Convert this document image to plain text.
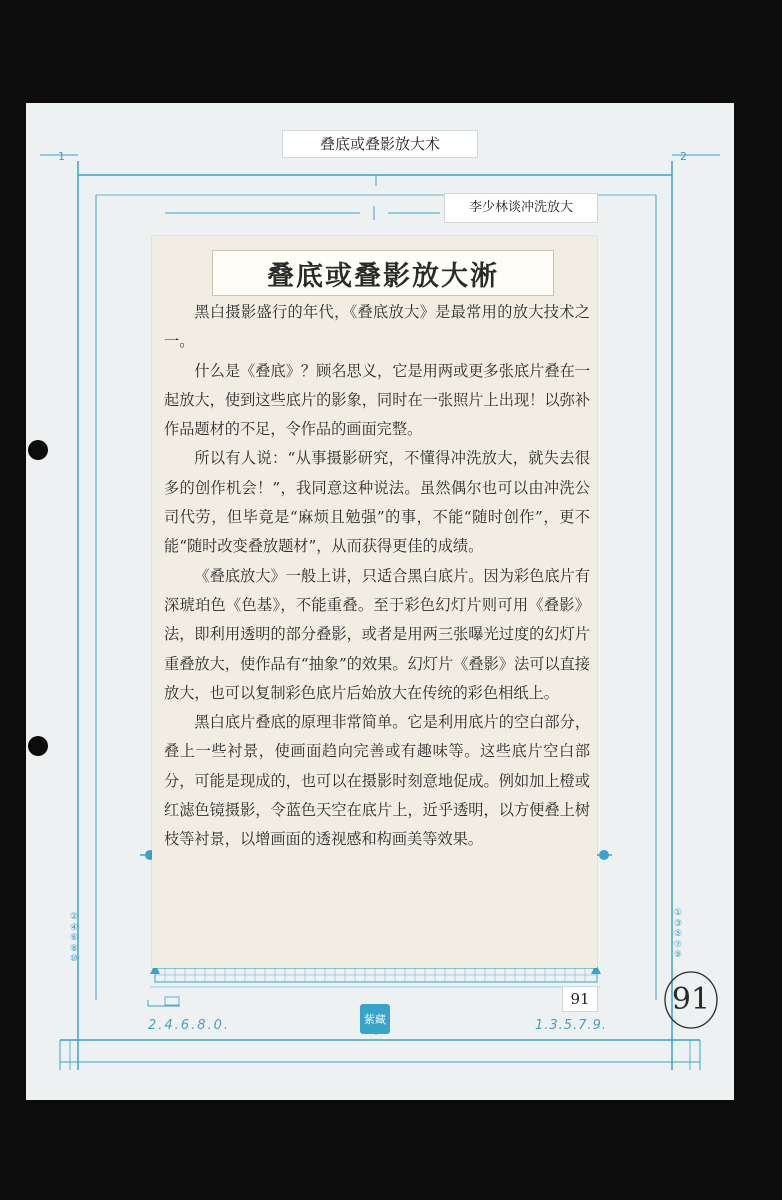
1	2
叠底或叠影放大术
李少林谈冲洗放大
叠底或叠影放大淅

黑白摄影盛行的年代，《叠底放大》是最常用的放大技术之一。

什么是《叠底》？顾名思义，它是用两或更多张底片叠在一起放大，使到这些底片的影象，同时在一张照片上出现！以弥补作品题材的不足，令作品的画面完整。

所以有人说：“从事摄影研究，不懂得冲洗放大，就失去很多的创作机会！”，我同意这种说法。虽然偶尔也可以由冲洗公司代劳，但毕竟是“麻烦且勉强”的事，不能“随时创作”，更不能“随时改变叠放题材”，从而获得更佳的成绩。

《叠底放大》一般上讲，只适合黑白底片。因为彩色底片有深琥珀色《色基》，不能重叠。至于彩色幻灯片则可用《叠影》法，即利用透明的部分叠影，或者是用两三张曝光过度的幻灯片重叠放大，使作品有“抽象”的效果。幻灯片《叠影》法可以直接放大，也可以复制彩色底片后始放大在传统的彩色相纸上。

黑白底片叠底的原理非常简单。它是利用底片的空白部分，叠上一些衬景，使画面趋向完善或有趣味等。这些底片空白部分，可能是现成的，也可以在摄影时刻意地促成。例如加上橙或红滤色镜摄影，令蓝色天空在底片上，近乎透明，以方便叠上树枝等衬景，以增画面的透视感和构画美等效果。

②
④
⑥
⑧
⑩
①
③
⑤
⑦
⑨
91	91
紫藏
2.4.6.8.0.	1.3.5.7.9.
